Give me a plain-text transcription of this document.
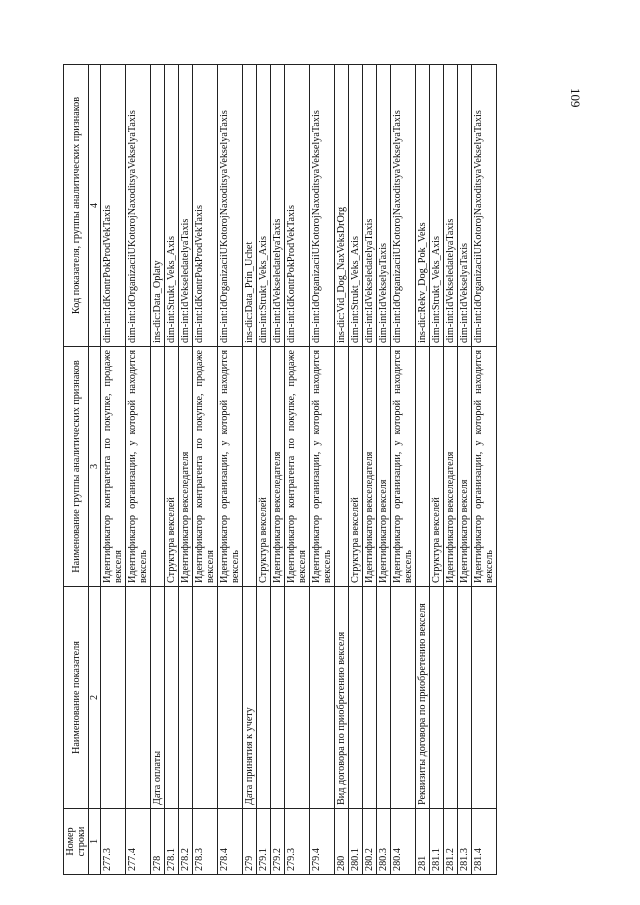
109
Номер строки	Наименование показателя	Наименование группы аналитических признаков	Код показателя, группы аналитических признаков
1	2	3	4
277.3		Идентификатор контрагента по покупке, продаже векселя	dim-int:IdKontrPokProdVekTaxis
277.4		Идентификатор организации, у которой находится вексель	dim-int:IdOrganizaciiUKotorojNaxoditsyaVekselyaTaxis
278	Дата оплаты		ins-dic:Data_Oplaty
278.1		Структура векселей	dim-int:Strukt_Veks_Axis
278.2		Идентификатор векселедателя	dim-int:IdVekseledatelyaTaxis
278.3		Идентификатор контрагента по покупке, продаже векселя	dim-int:IdKontrPokProdVekTaxis
278.4		Идентификатор организации, у которой находится вексель	dim-int:IdOrganizaciiUKotorojNaxoditsyaVekselyaTaxis
279	Дата принятия к учету		ins-dic:Data_Prin_Uchet
279.1		Структура векселей	dim-int:Strukt_Veks_Axis
279.2		Идентификатор векселедателя	dim-int:IdVekseledatelyaTaxis
279.3		Идентификатор контрагента по покупке, продаже векселя	dim-int:IdKontrPokProdVekTaxis
279.4		Идентификатор организации, у которой находится вексель	dim-int:IdOrganizaciiUKotorojNaxoditsyaVekselyaTaxis
280	Вид договора по приобретению векселя		ins-dic:Vid_Dog_NaxVeksDrOrg
280.1		Структура векселей	dim-int:Strukt_Veks_Axis
280.2		Идентификатор векселедателя	dim-int:IdVekseledatelyaTaxis
280.3		Идентификатор векселя	dim-int:IdVekselyaTaxis
280.4		Идентификатор организации, у которой находится вексель	dim-int:IdOrganizaciiUKotorojNaxoditsyaVekselyaTaxis
281	Реквизиты договора по приобретению векселя		ins-dic:Rekv_Dog_Pok_Veks
281.1		Структура векселей	dim-int:Strukt_Veks_Axis
281.2		Идентификатор векселедателя	dim-int:IdVekseledatelyaTaxis
281.3		Идентификатор векселя	dim-int:IdVekselyaTaxis
281.4		Идентификатор организации, у которой находится вексель	dim-int:IdOrganizaciiUKotorojNaxoditsyaVekselyaTaxis
